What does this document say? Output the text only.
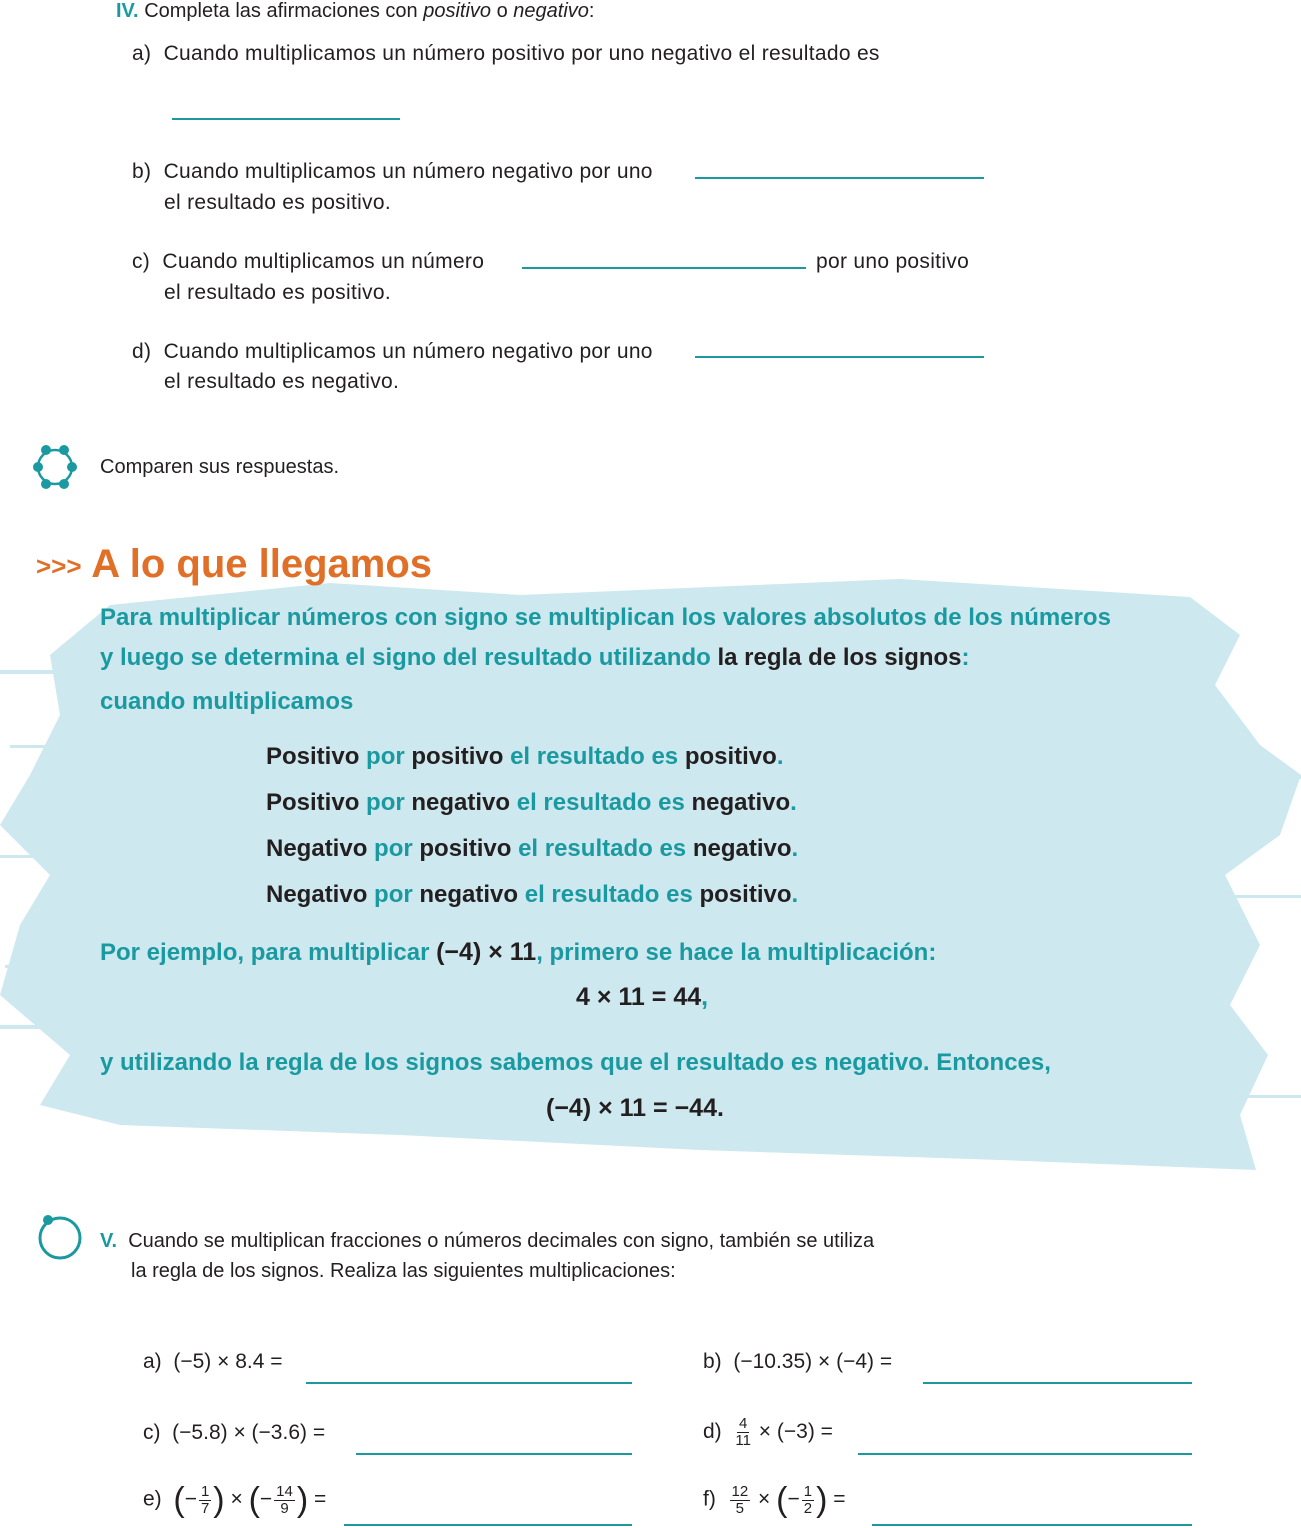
IV. Completa las afirmaciones con positivo o negativo:
a) Cuando multiplicamos un número positivo por uno negativo el resultado es
b) Cuando multiplicamos un número negativo por uno
el resultado es positivo.
c) Cuando multiplicamos un número	por uno positivo
el resultado es positivo.
d) Cuando multiplicamos un número negativo por uno
el resultado es negativo.
Comparen sus respuestas.
>>> A lo que llegamos
Para multiplicar números con signo se multiplican los valores absolutos de los números
y luego se determina el signo del resultado utilizando la regla de los signos:
cuando multiplicamos
Positivo por positivo el resultado es positivo.
Positivo por negativo el resultado es negativo.
Negativo por positivo el resultado es negativo.
Negativo por negativo el resultado es positivo.
Por ejemplo, para multiplicar (−4) × 11, primero se hace la multiplicación:
4 × 11 = 44,
y utilizando la regla de los signos sabemos que el resultado es negativo. Entonces,
(−4) × 11 = −44.
V. Cuando se multiplican fracciones o números decimales con signo, también se utiliza
la regla de los signos. Realiza las siguientes multiplicaciones:
a) (−5) × 8.4 =	b) (−10.35) × (−4) =
c) (−5.8) × (−3.6) =	$d) \frac{4}{11} \times (-3)$ =
e) (− $\frac{1}{7}$ ) × (− $\frac{14}{9}$ ) =	$f) \frac{12}{5}$ × (− $\frac{1}{2}$ ) =
